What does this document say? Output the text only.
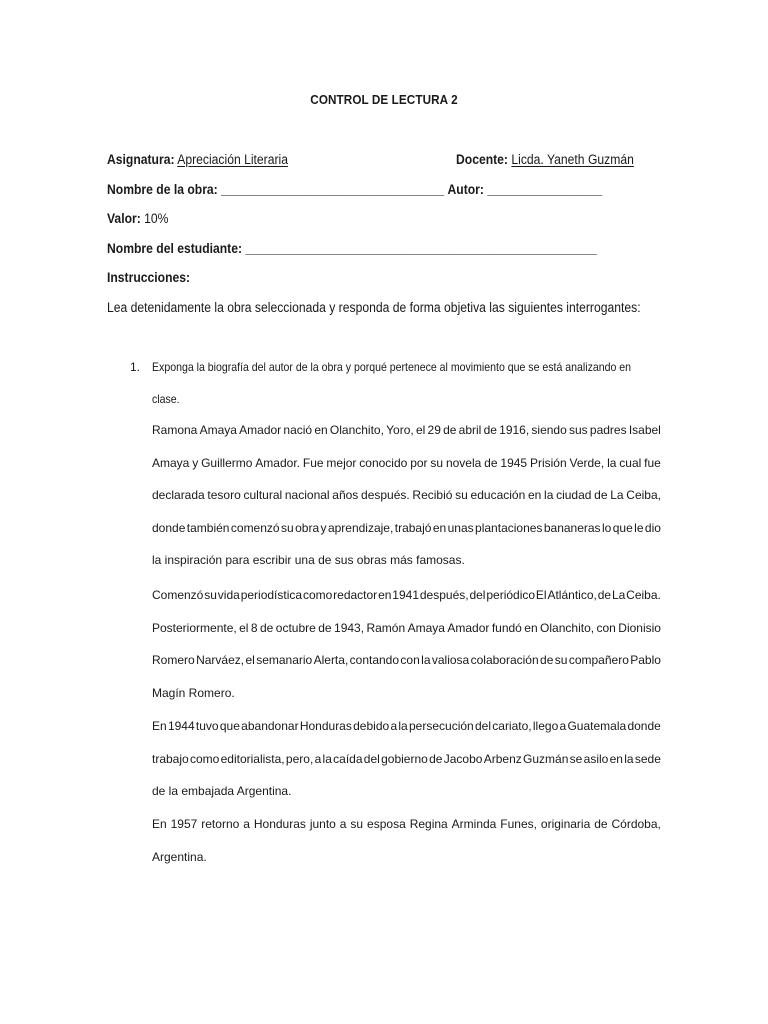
CONTROL DE LECTURA 2
Asignatura: Apreciación Literaria	Docente: Licda. Yaneth Guzmán
Nombre de la obra: _________________________________ Autor: _________________
Valor: 10%
Nombre del estudiante: ____________________________________________________
Instrucciones:
Lea detenidamente la obra seleccionada y responda de forma objetiva las siguientes interrogantes:
1. Exponga la biografía del autor de la obra y porqué pertenece al movimiento que se está analizando en
clase.
Ramona Amaya Amador nació en Olanchito, Yoro, el 29 de abril de 1916, siendo sus padres Isabel
Amaya y Guillermo Amador. Fue mejor conocido por su novela de 1945 Prisión Verde, la cual fue
declarada tesoro cultural nacional años después. Recibió su educación en la ciudad de La Ceiba,
donde también comenzó su obra y aprendizaje, trabajó en unas plantaciones bananeras lo que le dio
la inspiración para escribir una de sus obras más famosas.
Comenzó su vida periodística como redactor en 1941 después, del periódico El Atlántico, de La Ceiba.
Posteriormente, el 8 de octubre de 1943, Ramón Amaya Amador fundó en Olanchito, con Dionisio
Romero Narváez, el semanario Alerta, contando con la valiosa colaboración de su compañero Pablo
Magín Romero.
En 1944 tuvo que abandonar Honduras debido a la persecución del cariato, llego a Guatemala donde
trabajo como editorialista, pero, a la caída del gobierno de Jacobo Arbenz Guzmán se asilo en la sede
de la embajada Argentina.
En 1957 retorno a Honduras junto a su esposa Regina Arminda Funes, originaria de Córdoba,
Argentina.
